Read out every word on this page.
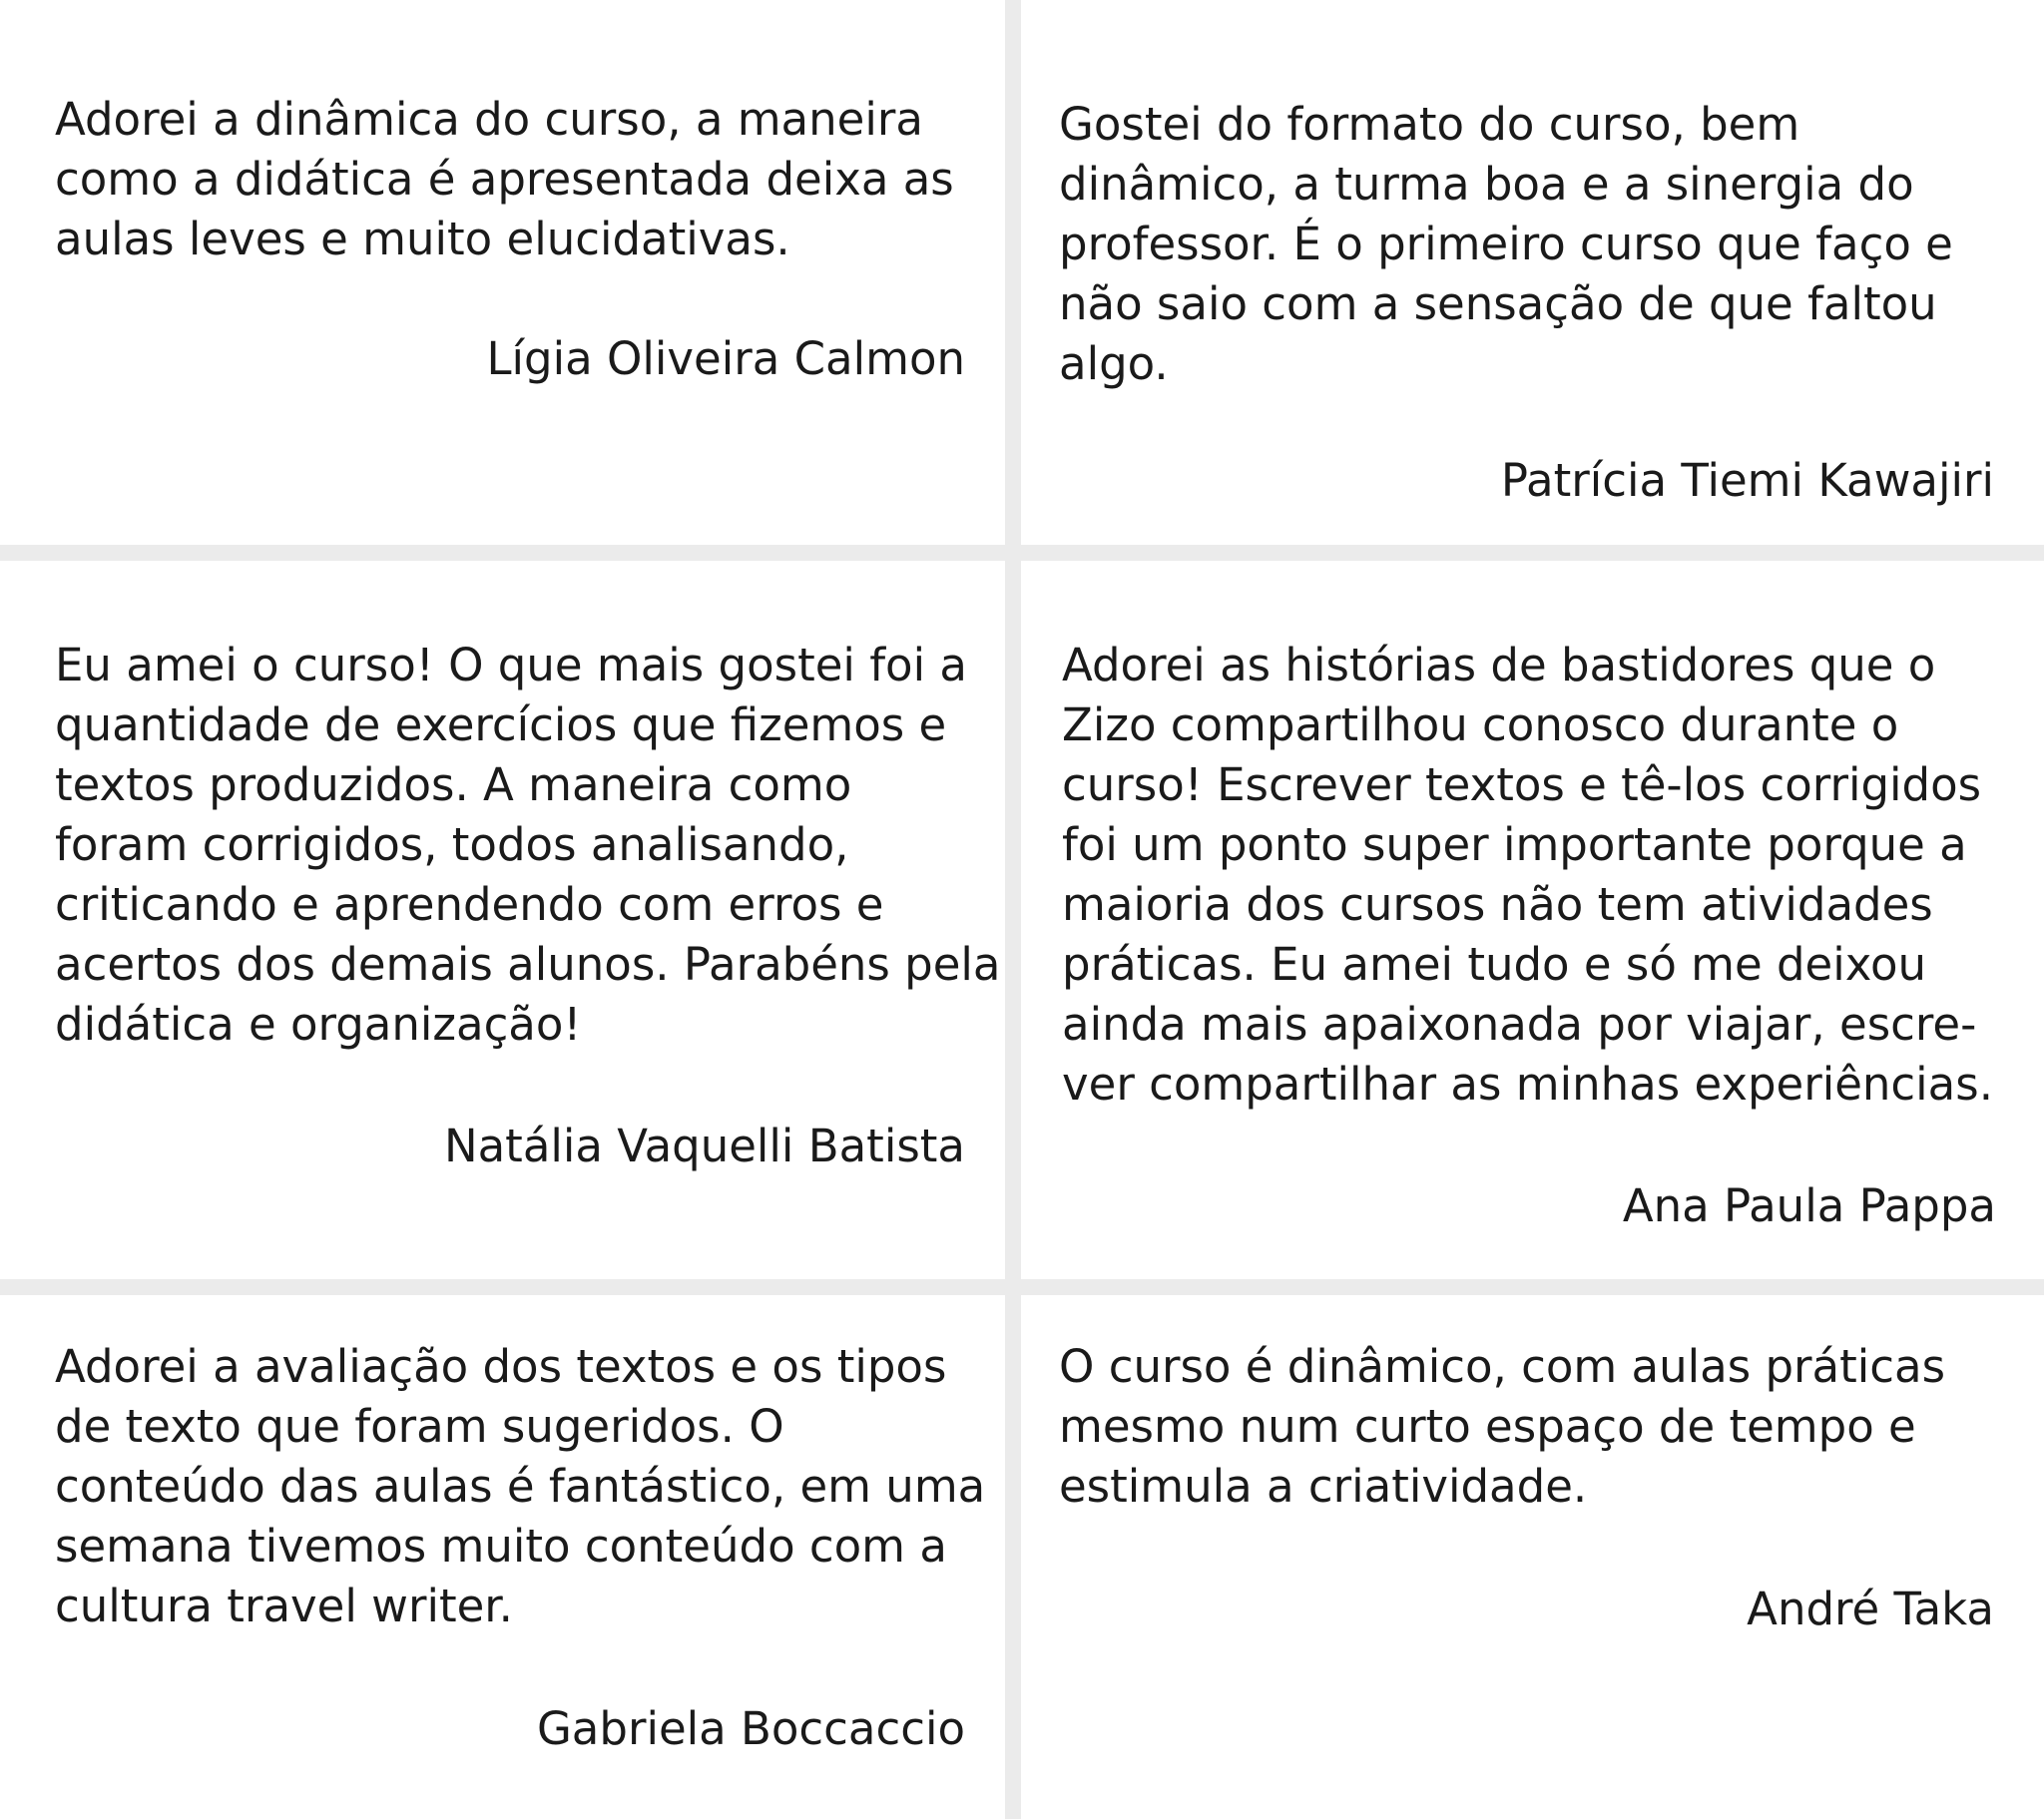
Adorei a dinâmica do curso, a maneira
como a didática é apresentada deixa as
aulas leves e muito elucidativas.

Lígia Oliveira Calmon

Gostei do formato do curso, bem
dinâmico, a turma boa e a sinergia do
professor. É o primeiro curso que faço e
não saio com a sensação de que faltou
algo.

Patrícia Tiemi Kawajiri

Eu amei o curso! O que mais gostei foi a
quantidade de exercícios que fizemos e
textos produzidos. A maneira como
foram corrigidos, todos analisando,
criticando e aprendendo com erros e
acertos dos demais alunos. Parabéns pela
didática e organização!

Natália Vaquelli Batista

Adorei as histórias de bastidores que o
Zizo compartilhou conosco durante o
curso! Escrever textos e tê-los corrigidos
foi um ponto super importante porque a
maioria dos cursos não tem atividades
práticas. Eu amei tudo e só me deixou
ainda mais apaixonada por viajar, escre-
ver compartilhar as minhas experiências.

Ana Paula Pappa

Adorei a avaliação dos textos e os tipos
de texto que foram sugeridos. O
conteúdo das aulas é fantástico, em uma
semana tivemos muito conteúdo com a
cultura travel writer.

Gabriela Boccaccio

O curso é dinâmico, com aulas práticas
mesmo num curto espaço de tempo e
estimula a criatividade.

André Taka
